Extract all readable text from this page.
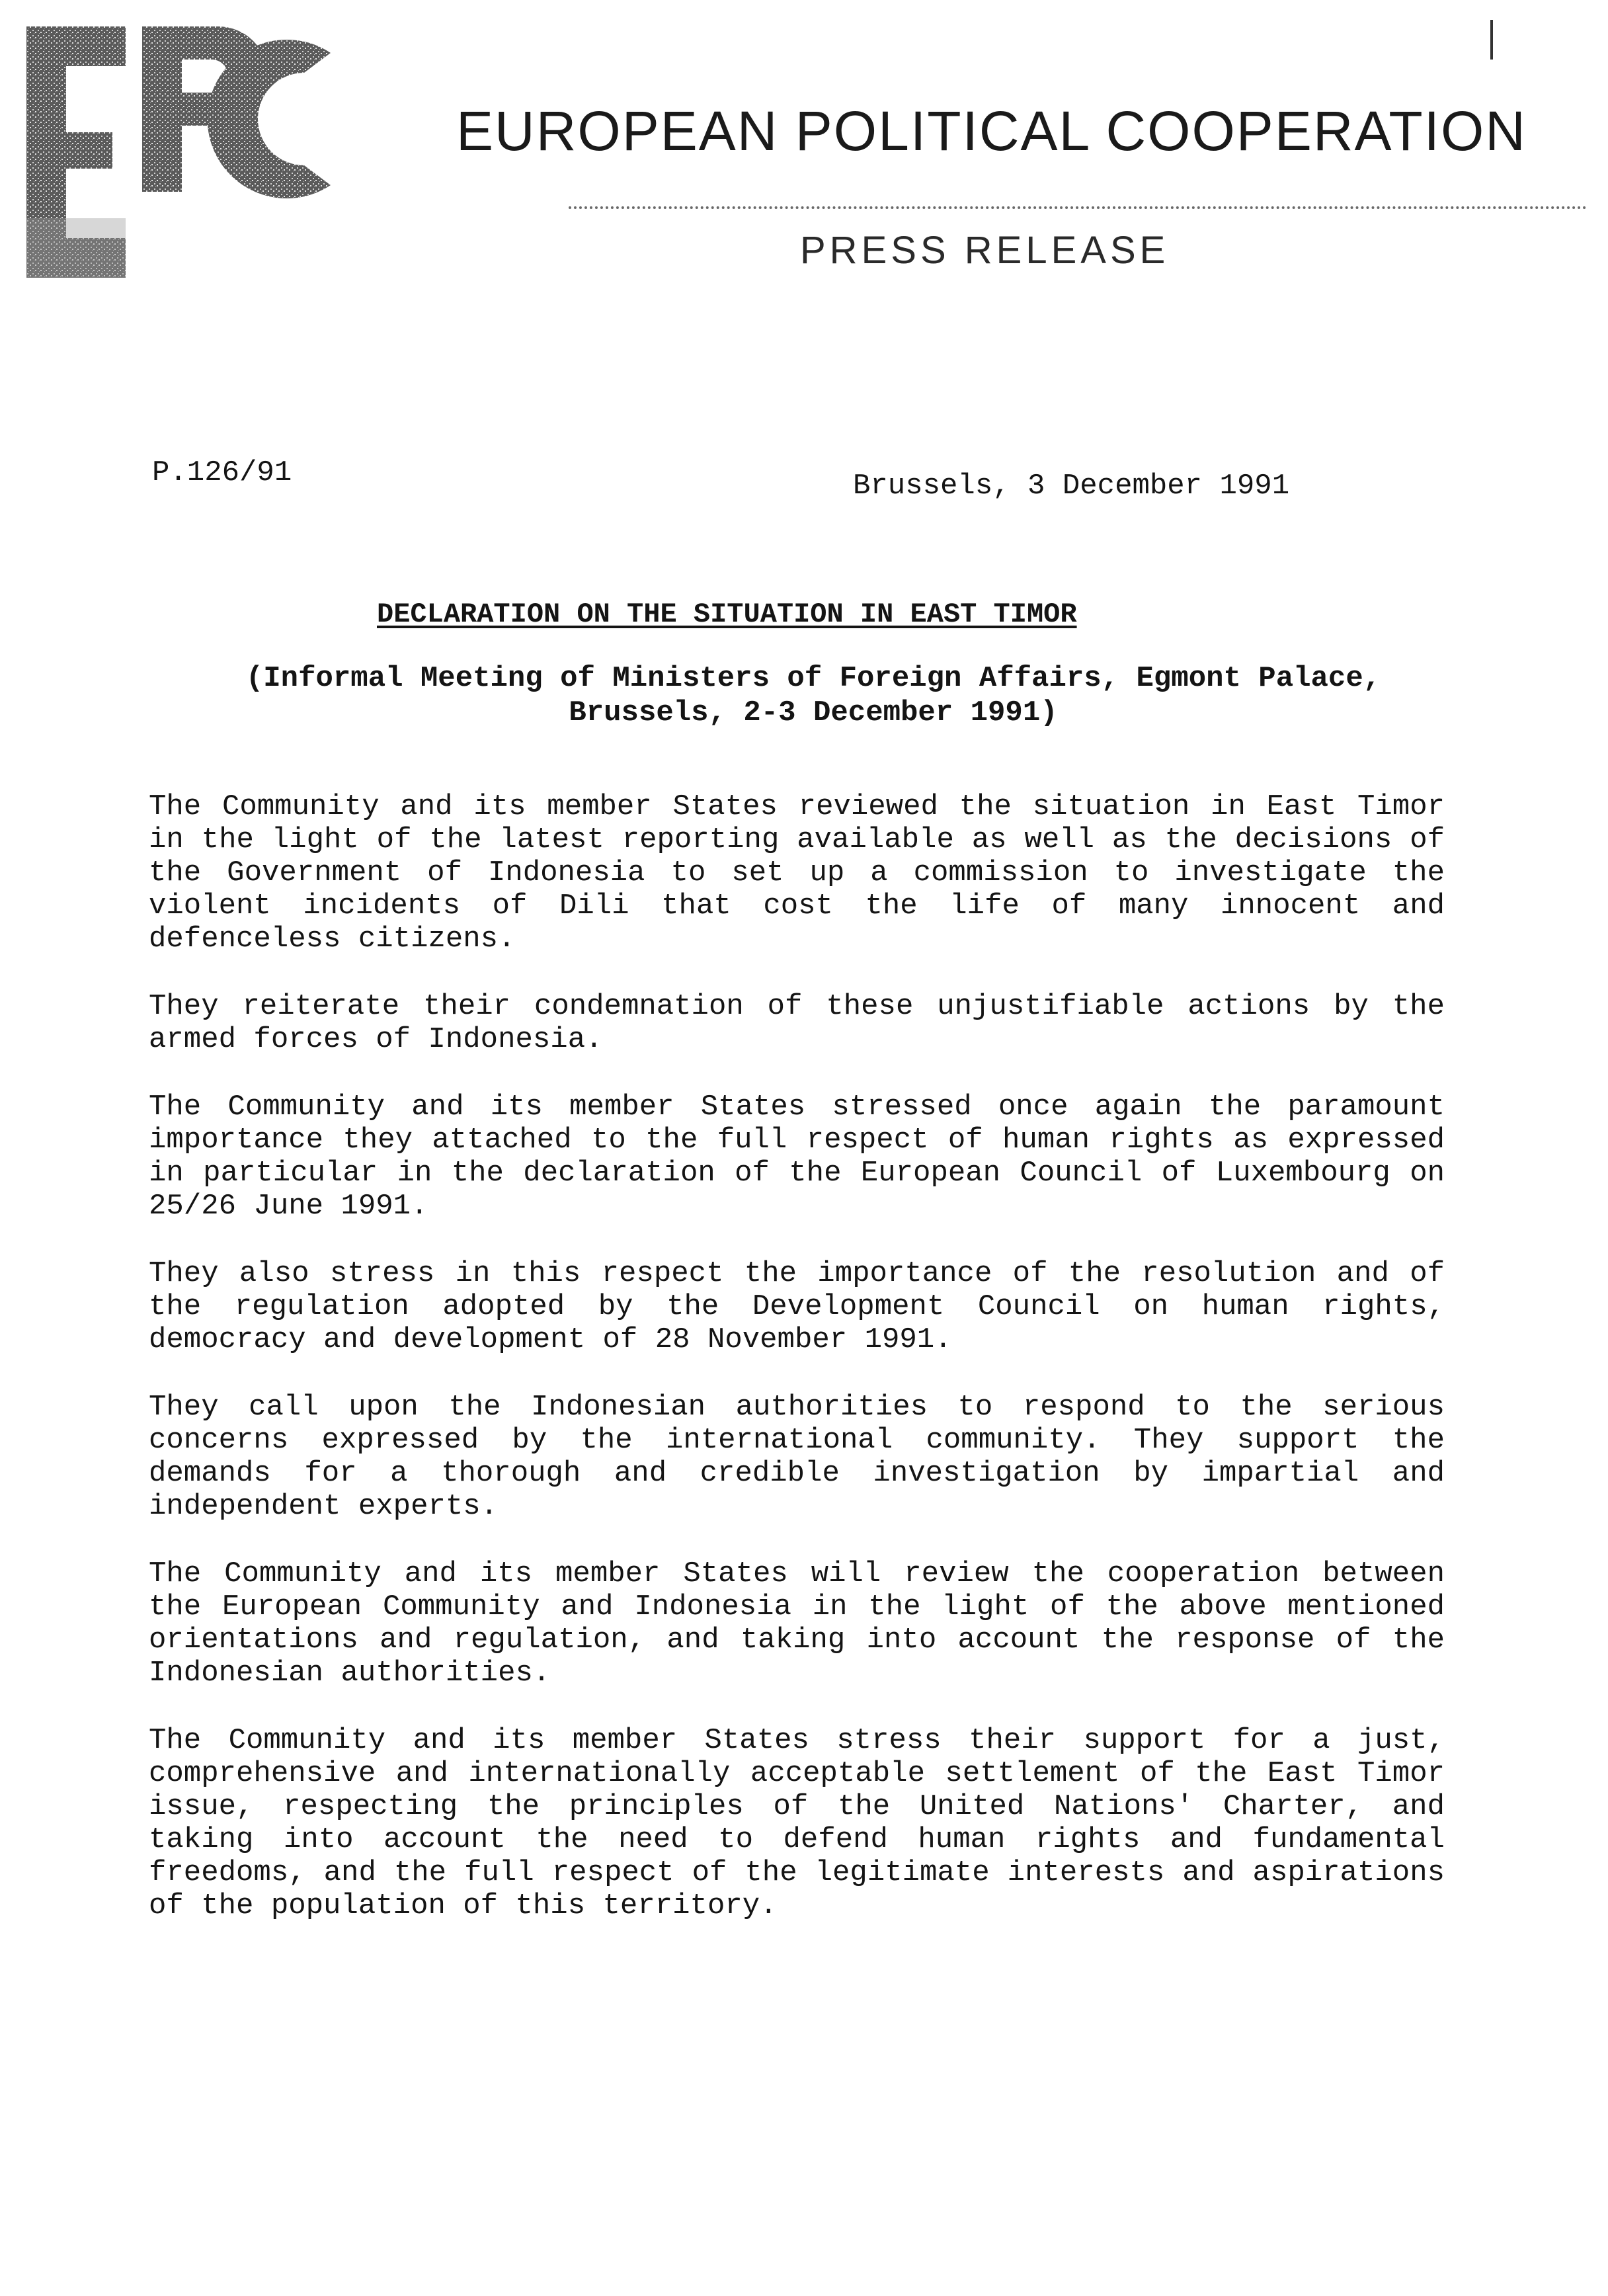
EUROPEAN POLITICAL COOPERATION
PRESS RELEASE
P.126/91	Brussels, 3 December 1991
DECLARATION ON THE SITUATION IN EAST TIMOR
(Informal Meeting of Ministers of Foreign Affairs, Egmont Palace, Brussels, 2-3 December 1991)

The Community and its member States reviewed the situation in East Timor in the light of the latest reporting available as well as the decisions of the Government of Indonesia to set up a commission to investigate the violent incidents of Dili that cost the life of many innocent and defenceless citizens.

They reiterate their condemnation of these unjustifiable actions by the armed forces of Indonesia.

The Community and its member States stressed once again the paramount importance they attached to the full respect of human rights as expressed in particular in the declaration of the European Council of Luxembourg on 25/26 June 1991.

They also stress in this respect the importance of the resolution and of the regulation adopted by the Development Council on human rights, democracy and development of 28 November 1991.

They call upon the Indonesian authorities to respond to the serious concerns expressed by the international community. They support the demands for a thorough and credible investigation by impartial and independent experts.

The Community and its member States will review the cooperation between the European Community and Indonesia in the light of the above mentioned orientations and regulation, and taking into account the response of the Indonesian authorities.

The Community and its member States stress their support for a just, comprehensive and internationally acceptable settlement of the East Timor issue, respecting the principles of the United Nations' Charter, and taking into account the need to defend human rights and fundamental freedoms, and the full respect of the legitimate interests and aspirations of the population of this territory.
